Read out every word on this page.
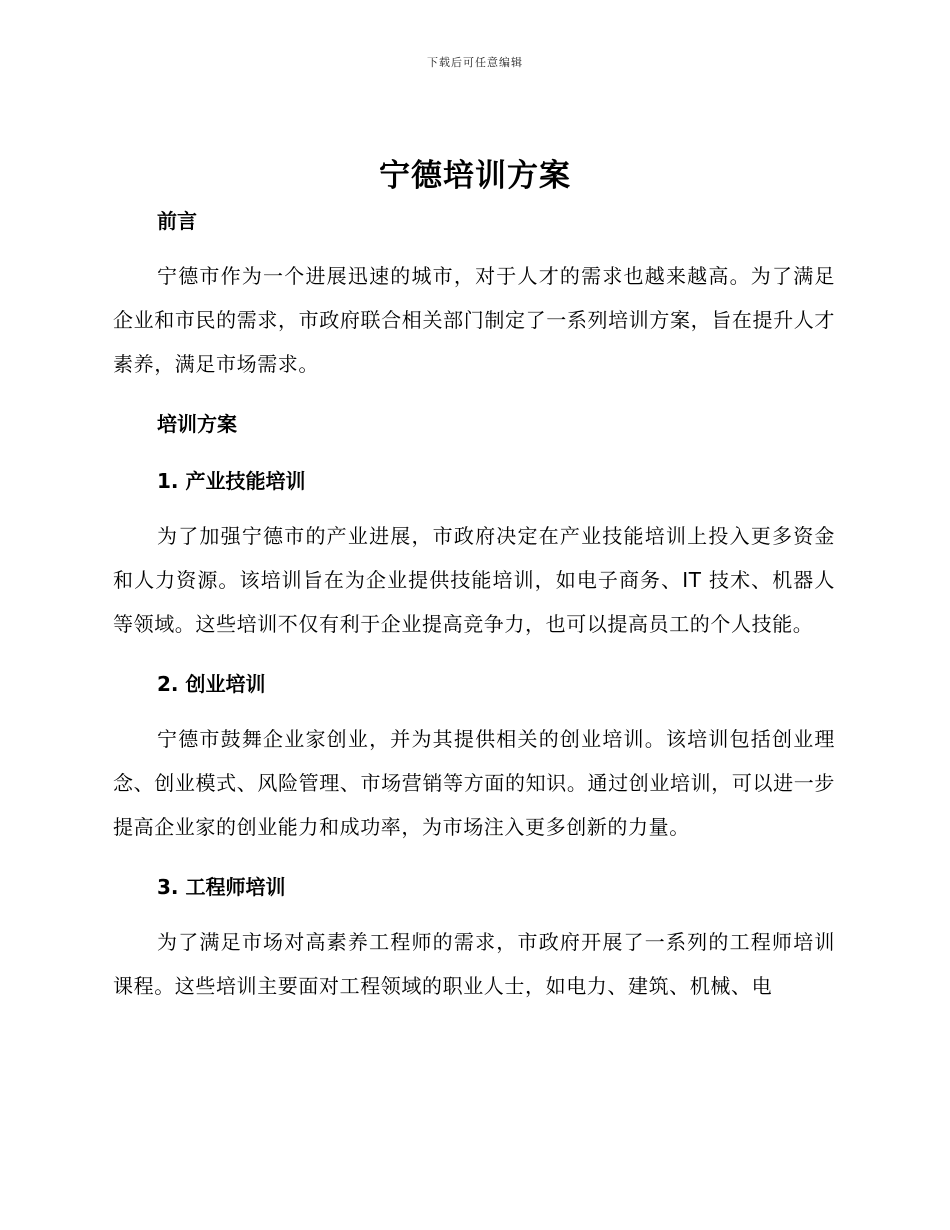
下载后可任意编辑
宁德培训方案

前言

宁德市作为一个进展迅速的城市，对于人才的需求也越来越高。为了满足企业和市民的需求，市政府联合相关部门制定了一系列培训方案，旨在提升人才素养，满足市场需求。

培训方案

1. 产业技能培训

为了加强宁德市的产业进展，市政府决定在产业技能培训上投入更多资金和人力资源。该培训旨在为企业提供技能培训，如电子商务、IT 技术、机器人等领域。这些培训不仅有利于企业提高竞争力，也可以提高员工的个人技能。

2. 创业培训

宁德市鼓舞企业家创业，并为其提供相关的创业培训。该培训包括创业理念、创业模式、风险管理、市场营销等方面的知识。通过创业培训，可以进一步提高企业家的创业能力和成功率，为市场注入更多创新的力量。

3. 工程师培训

为了满足市场对高素养工程师的需求，市政府开展了一系列的工程师培训课程。这些培训主要面对工程领域的职业人士，如电力、建筑、机械、电
